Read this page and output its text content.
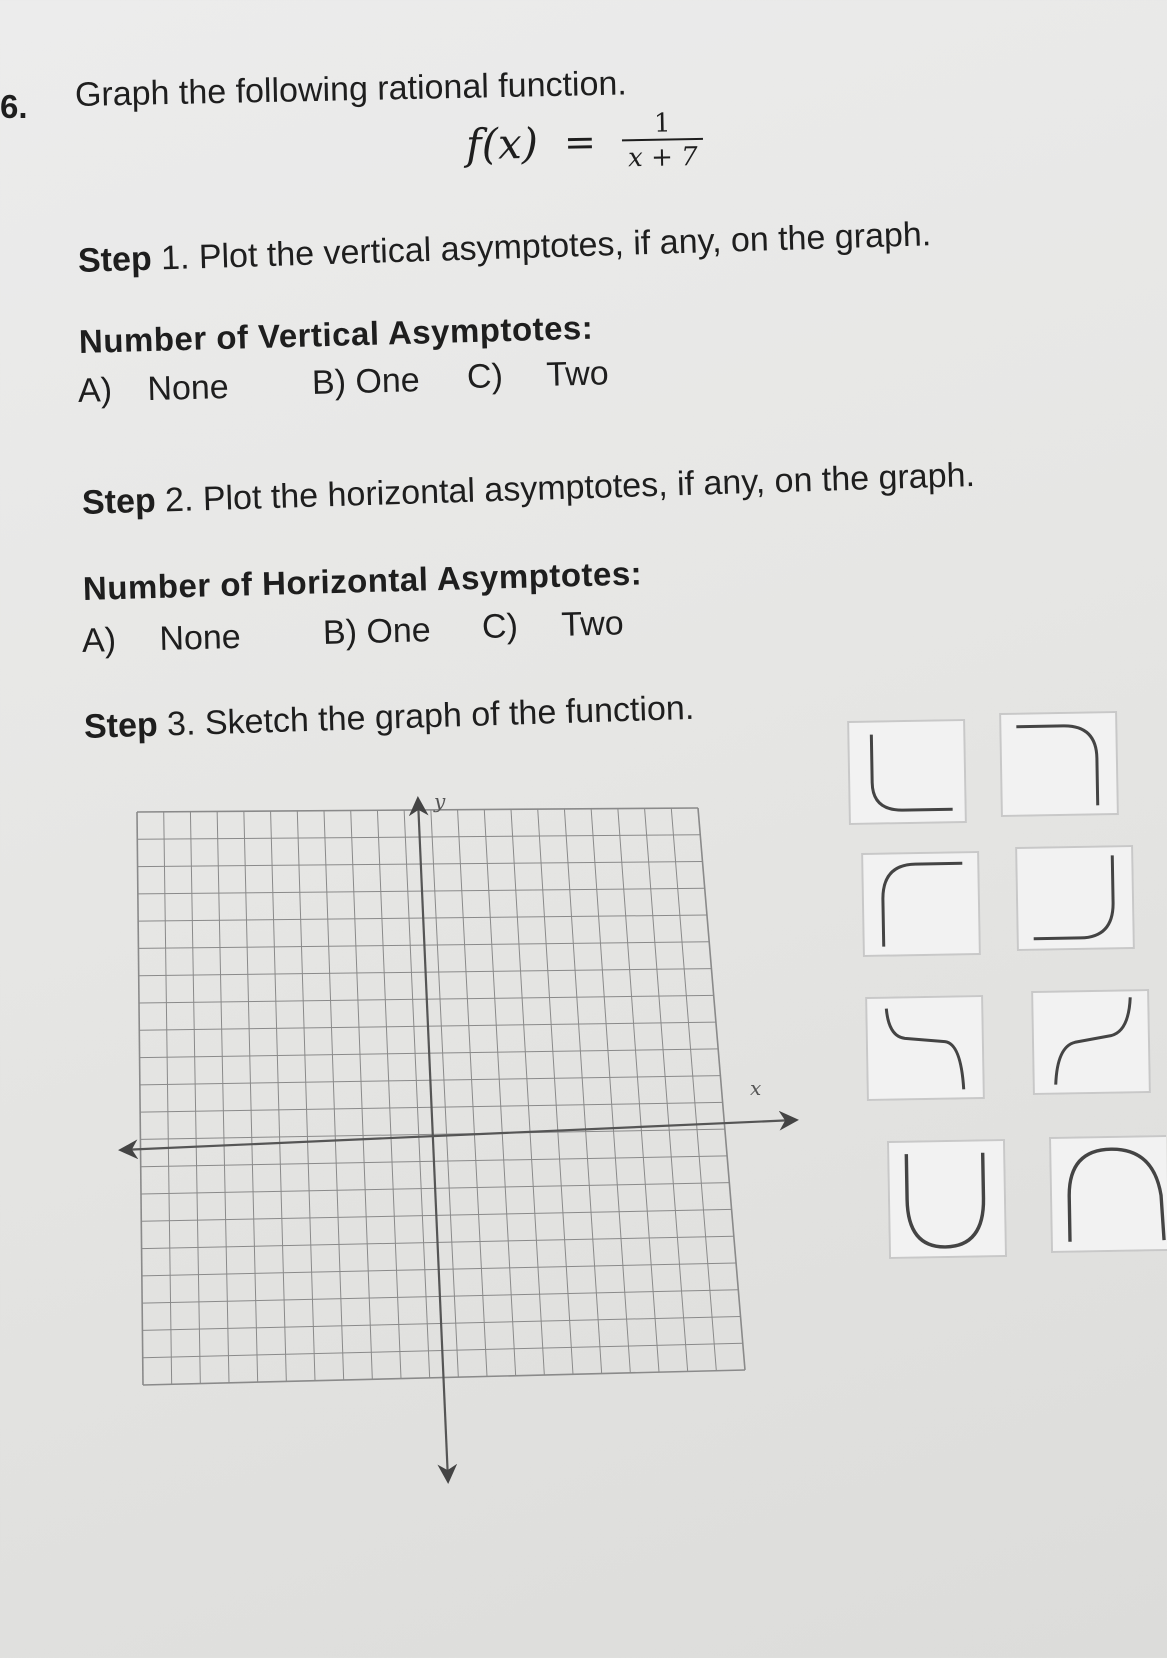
6. Graph the following rational function.
$f(x) = \frac{1}{x + 7}$
Step 1. Plot the vertical asymptotes, if any, on the graph.
Number of Vertical Asymptotes:
A) None B) One C) Two
Step 2. Plot the horizontal asymptotes, if any, on the graph.
Number of Horizontal Asymptotes:
A) None B) One C) Two
Step 3. Sketch the graph of the function.
x
y
